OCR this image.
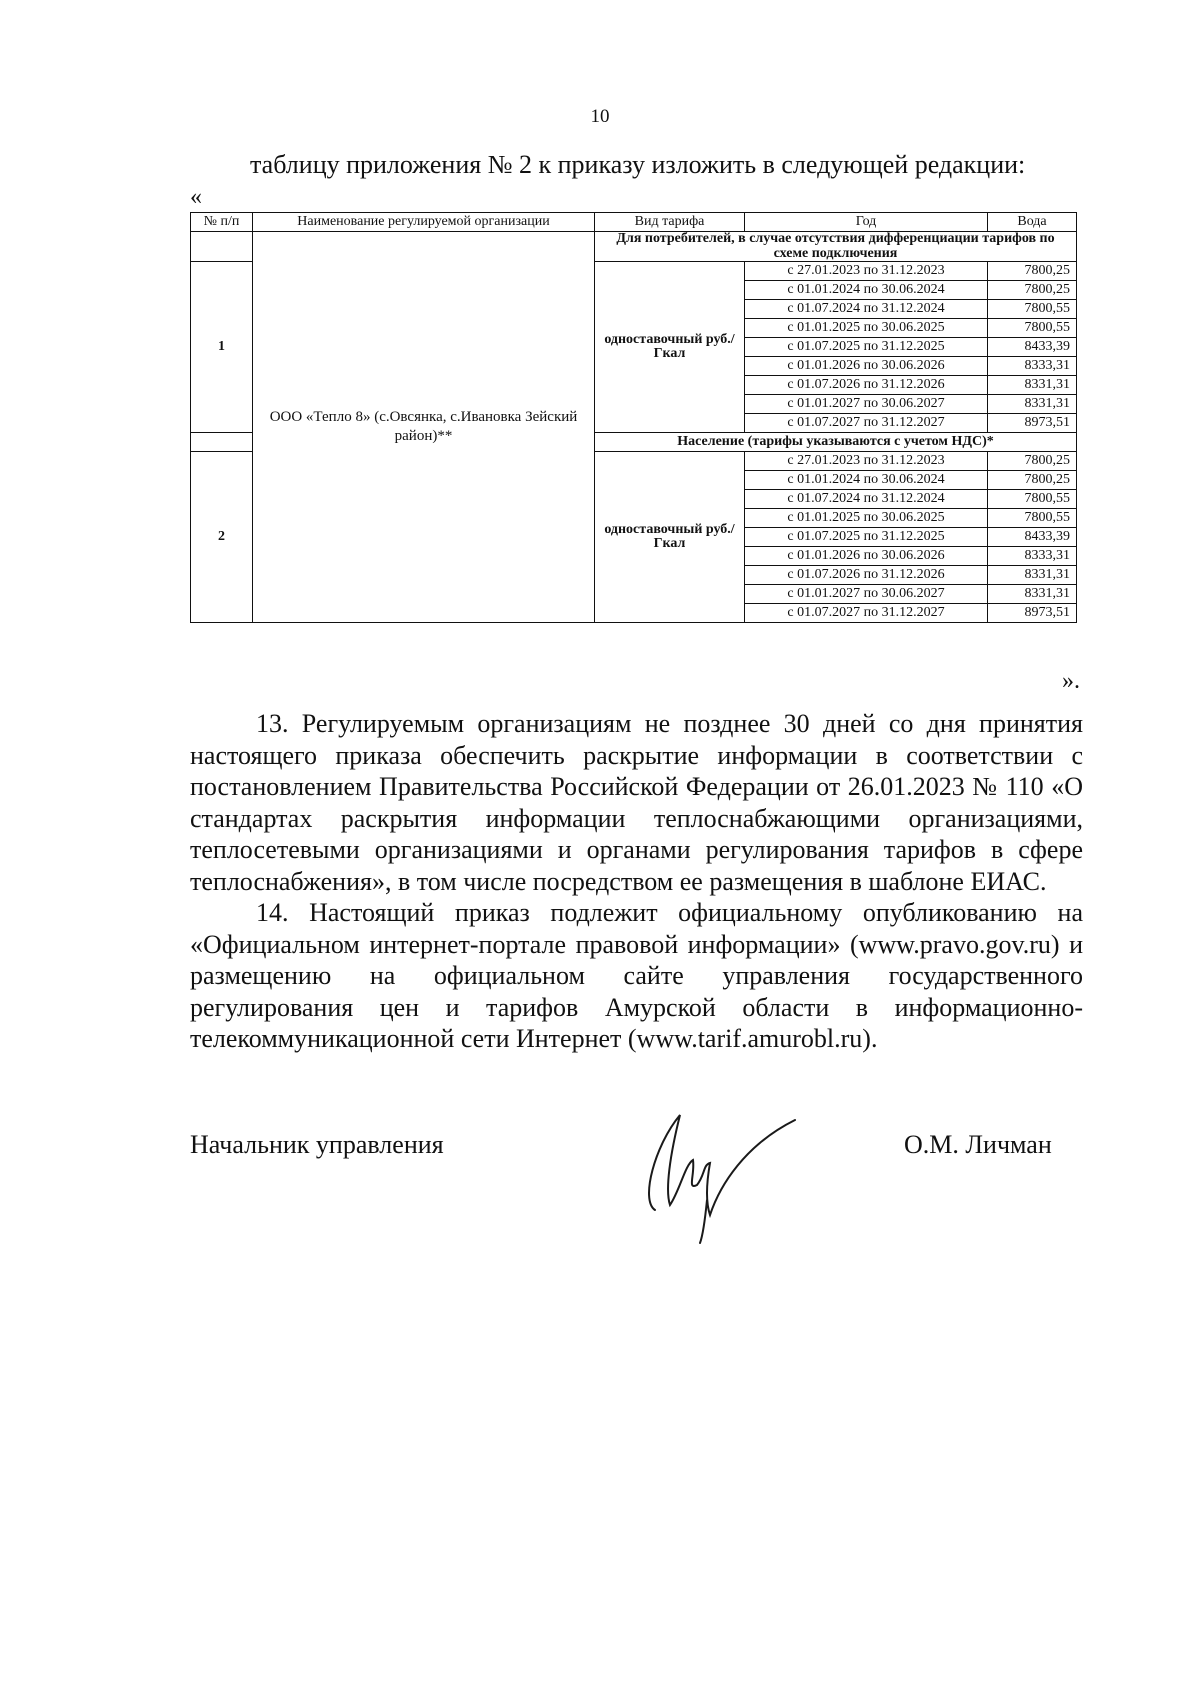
10
таблицу приложения № 2 к приказу изложить в следующей редакции:
«
№ п/п	Наименование регулируемой организации	Вид тарифа	Год	Вода
	ООО «Тепло 8» (с.Овсянка, с.Ивановка Зейский район)**	Для потребителей, в случае отсутствия дифференциации тарифов по схеме подключения		
1		одноставочный руб./Гкал	с 27.01.2023 по 31.12.2023	7800,25
			с 01.01.2024 по 30.06.2024	7800,25
			с 01.07.2024 по 31.12.2024	7800,55
			с 01.01.2025 по 30.06.2025	7800,55
			с 01.07.2025 по 31.12.2025	8433,39
			с 01.01.2026 по 30.06.2026	8333,31
			с 01.07.2026 по 31.12.2026	8331,31
			с 01.01.2027 по 30.06.2027	8331,31
			с 01.07.2027 по 31.12.2027	8973,51
		Население (тарифы указываются с учетом НДС)*		
2		одноставочный руб./Гкал	с 27.01.2023 по 31.12.2023	7800,25
			с 01.01.2024 по 30.06.2024	7800,25
			с 01.07.2024 по 31.12.2024	7800,55
			с 01.01.2025 по 30.06.2025	7800,55
			с 01.07.2025 по 31.12.2025	8433,39
			с 01.01.2026 по 30.06.2026	8333,31
			с 01.07.2026 по 31.12.2026	8331,31
			с 01.01.2027 по 30.06.2027	8331,31
			с 01.07.2027 по 31.12.2027	8973,51
».

13. Регулируемым организациям не позднее 30 дней со дня принятия настоящего приказа обеспечить раскрытие информации в соответствии с постановлением Правительства Российской Федерации от 26.01.2023 № 110 «О стандартах раскрытия информации теплоснабжающими организациями, теплосетевыми организациями и органами регулирования тарифов в сфере теплоснабжения», в том числе посредством ее размещения в шаблоне ЕИАС.

14. Настоящий приказ подлежит официальному опубликованию на «Официальном интернет-портале правовой информации» (www.pravo.gov.ru) и размещению на официальном сайте управления государственного регулирования цен и тарифов Амурской области в информационно-телекоммуникационной сети Интернет (www.tarif.amurobl.ru).

Начальник управления	О.М. Личман
